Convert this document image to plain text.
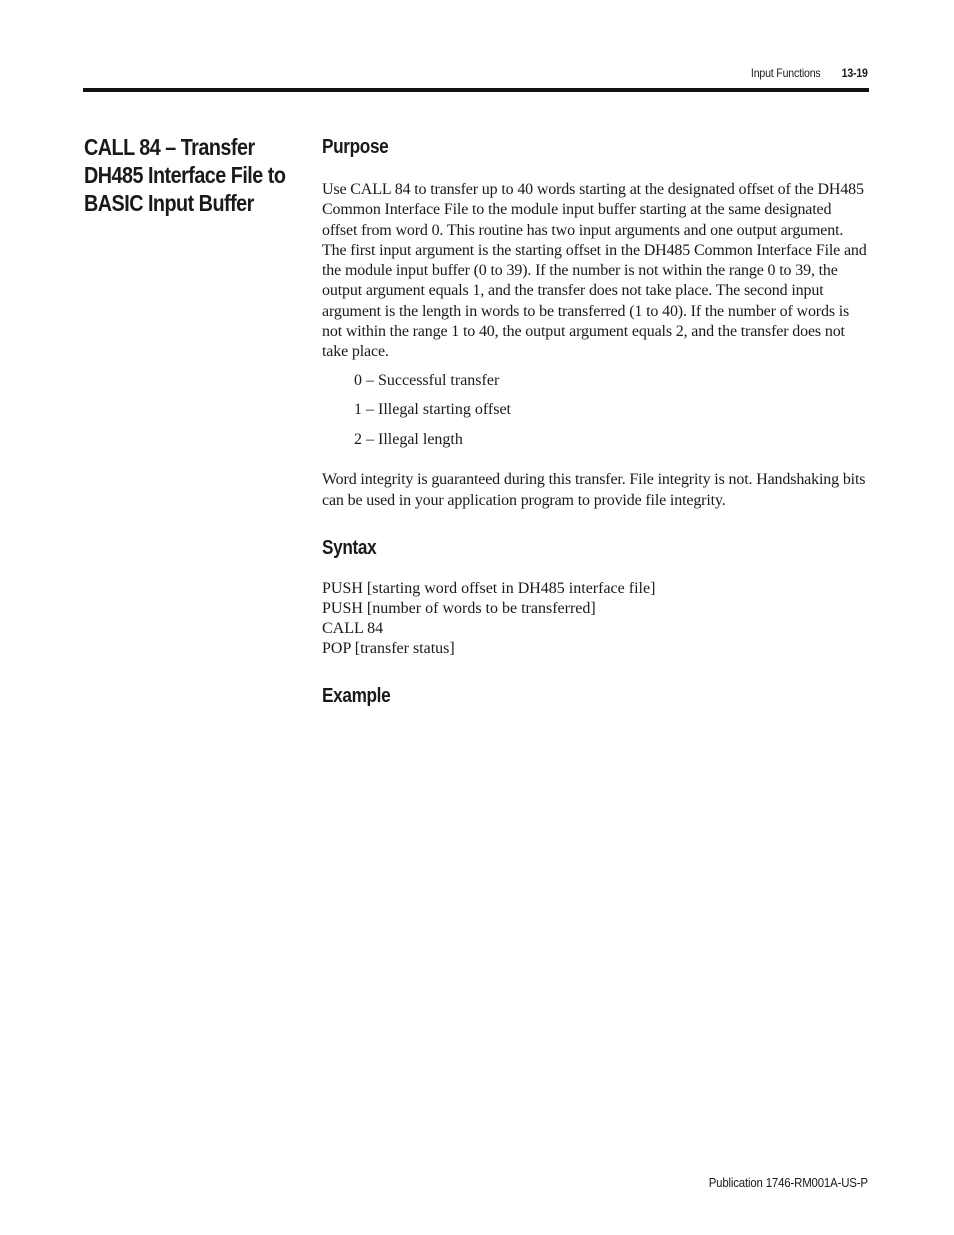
Input Functions 13-19
CALL 84 – Transfer
DH485 Interface File to
BASIC Input Buffer
Purpose

Use CALL 84 to transfer up to 40 words starting at the designated offset of the DH485 Common Interface File to the module input buffer starting at the same designated offset from word 0. This routine has two input arguments and one output argument. The first input argument is the starting offset in the DH485 Common Interface File and the module input buffer (0 to 39). If the number is not within the range 0 to 39, the output argument equals 1, and the transfer does not take place. The second input argument is the length in words to be transferred (1 to 40). If the number of words is not within the range 1 to 40, the output argument equals 2, and the transfer does not take place.

0 – Successful transfer
1 – Illegal starting offset
2 – Illegal length

Word integrity is guaranteed during this transfer. File integrity is not. Handshaking bits can be used in your application program to provide file integrity.

Syntax
PUSH [starting word offset in DH485 interface file]
PUSH [number of words to be transferred]
CALL 84
POP [transfer status]
Example
Publication 1746-RM001A-US-P
